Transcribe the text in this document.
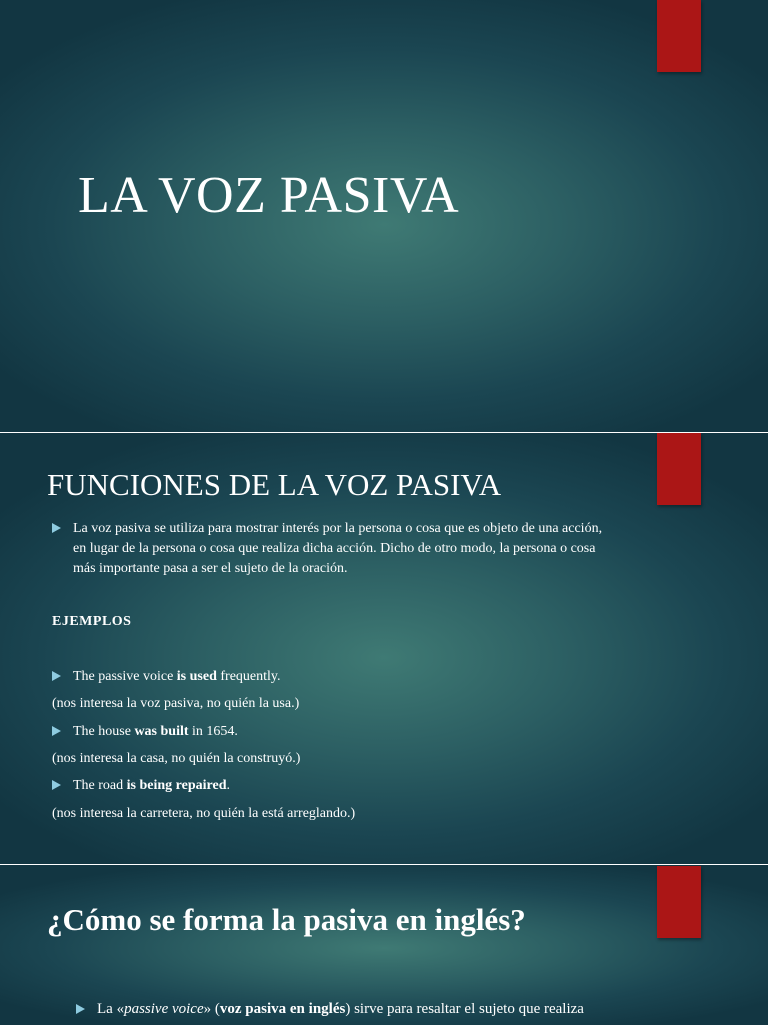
LA VOZ PASIVA
FUNCIONES DE LA VOZ PASIVA
La voz pasiva se utiliza para mostrar interés por la persona o cosa que es objeto de una acción, en lugar de la persona o cosa que realiza dicha acción. Dicho de otro modo, la persona o cosa más importante pasa a ser el sujeto de la oración.
EJEMPLOS
The passive voice is used frequently.
(nos interesa la voz pasiva, no quién la usa.)
The house was built in 1654.
(nos interesa la casa, no quién la construyó.)
The road is being repaired.
(nos interesa la carretera, no quién la está arreglando.)
¿Cómo se forma la pasiva en inglés?
La «passive voice» (voz pasiva en inglés) sirve para resaltar el sujeto que realiza
